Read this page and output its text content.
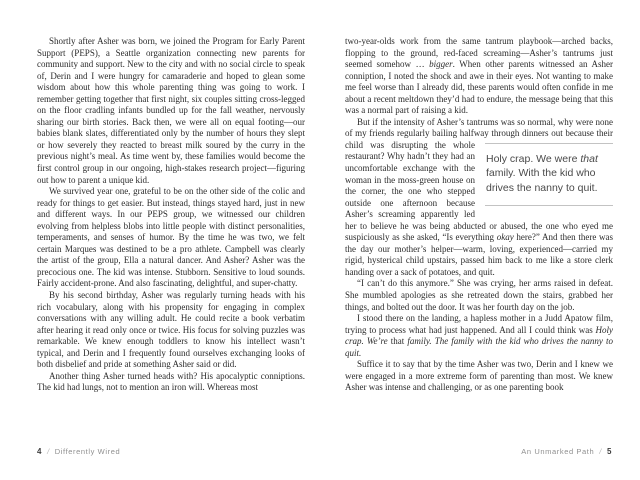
Shortly after Asher was born, we joined the Program for Early Parent Support (PEPS), a Seattle organization connecting new parents for community and support. New to the city and with no social circle to speak of, Derin and I were hungry for camaraderie and hoped to glean some wisdom about how this whole parenting thing was going to work. I remember getting together that first night, six couples sitting cross-legged on the floor cradling infants bundled up for the fall weather, nervously sharing our birth stories. Back then, we were all on equal footing—our babies blank slates, differentiated only by the number of hours they slept or how severely they reacted to breast milk soured by the curry in the previous night’s meal. As time went by, these families would become the first control group in our ongoing, high-stakes research project—figuring out how to parent a unique kid.

We survived year one, grateful to be on the other side of the colic and ready for things to get easier. But instead, things stayed hard, just in new and different ways. In our PEPS group, we witnessed our children evolving from helpless blobs into little people with distinct personalities, temperaments, and senses of humor. By the time he was two, we felt certain Marques was destined to be a pro athlete. Campbell was clearly the artist of the group, Ella a natural dancer. And Asher? Asher was the precocious one. The kid was intense. Stubborn. Sensitive to loud sounds. Fairly accident-prone. And also fascinating, delightful, and super-chatty.

By his second birthday, Asher was regularly turning heads with his rich vocabulary, along with his propensity for engaging in complex conversations with any willing adult. He could recite a book verbatim after hearing it read only once or twice. His focus for solving puzzles was remarkable. We knew enough toddlers to know his intellect wasn’t typical, and Derin and I frequently found ourselves exchanging looks of both disbelief and pride at something Asher said or did.

Another thing Asher turned heads with? His apocalyptic conniptions. The kid had lungs, not to mention an iron will. Whereas most

two-year-olds work from the same tantrum playbook—arched backs, flopping to the ground, red-faced screaming—Asher’s tantrums just seemed somehow … bigger. When other parents witnessed an Asher conniption, I noted the shock and awe in their eyes. Not wanting to make me feel worse than I already did, these parents would often confide in me about a recent meltdown they’d had to endure, the message being that this was a normal part of raising a kid.

But if the intensity of Asher’s tantrums was so normal, why were none of my friends regularly bailing halfway through dinners out
Holy crap. We were that family. With the kid who drives the nanny to quit.
because their child was disrupting the whole restaurant? Why hadn’t they had an uncomfortable exchange with the woman in the moss-green house on the corner, the one who stepped outside one afternoon because Asher’s screaming apparently led her to believe he was being abducted or abused, the one who eyed me suspiciously as she asked, “Is everything okay here?” And then there was the day our mother’s helper—warm, loving, experienced—carried my rigid, hysterical child upstairs, passed him back to me like a store clerk handing over a sack of potatoes, and quit.

“I can’t do this anymore.” She was crying, her arms raised in defeat. She mumbled apologies as she retreated down the stairs, grabbed her things, and bolted out the door. It was her fourth day on the job.

I stood there on the landing, a hapless mother in a Judd Apatow film, trying to process what had just happened. And all I could think was Holy crap. We’re that family. The family with the kid who drives the nanny to quit.

Suffice it to say that by the time Asher was two, Derin and I knew we were engaged in a more extreme form of parenting than most. We knew Asher was intense and challenging, or as one parenting book

4 / Differently Wired	An Unmarked Path / 5
